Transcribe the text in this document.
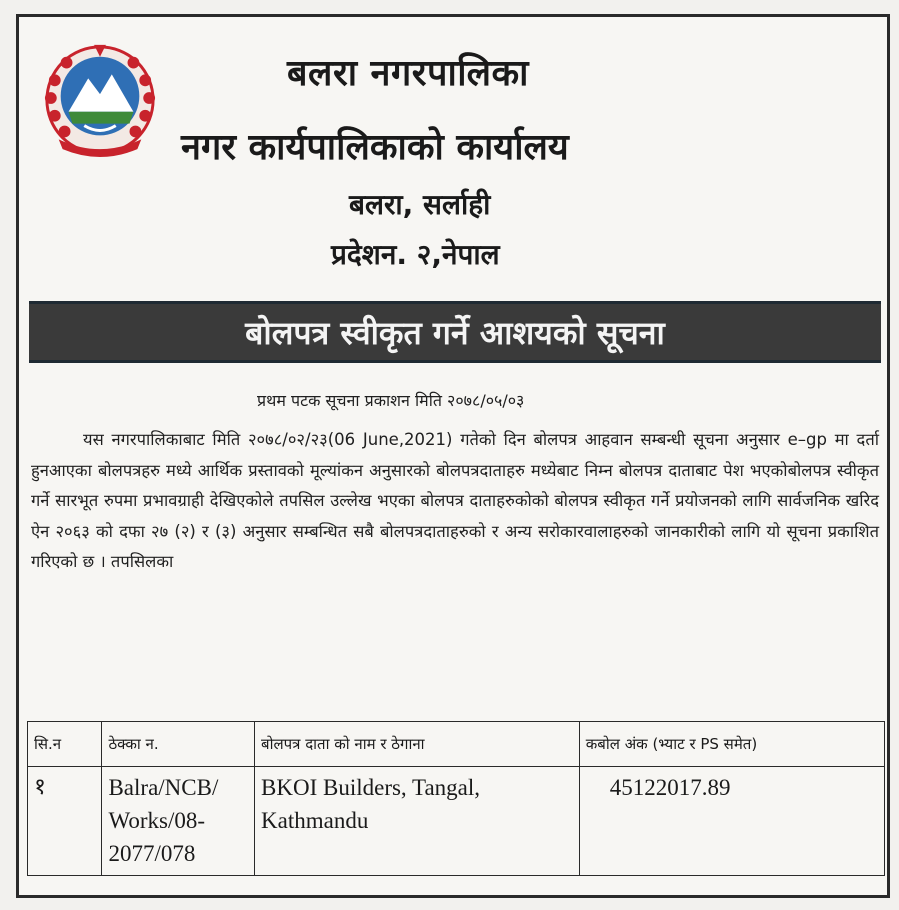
बलरा नगरपालिका
नगर कार्यपालिकाको कार्यालय
बलरा, सर्लाही
प्रदेशन. २,नेपाल
बोलपत्र स्वीकृत गर्ने आशयको सूचना
प्रथम पटक सूचना प्रकाशन मिति २०७८/०५/०३
यस नगरपालिकाबाट मिति २०७८/०२/२३(06 June,2021) गतेको दिन बोलपत्र आहवान सम्बन्धी सूचना अनुसार e–gp मा दर्ता हुनआएका बोलपत्रहरु मध्ये आर्थिक प्रस्तावको मूल्यांकन अनुसारको बोलपत्रदाताहरु मध्येबाट निम्न बोलपत्र दाताबाट पेश भएकोबोलपत्र स्वीकृत गर्ने सारभूत रुपमा प्रभावग्राही देखिएकोले तपसिल उल्लेख भएका बोलपत्र दाताहरुकोको बोलपत्र स्वीकृत गर्ने प्रयोजनको लागि सार्वजनिक खरिद ऐन २०६३ को दफा २७ (२) र (३) अनुसार सम्बन्धित सबै बोलपत्रदाताहरुको र अन्य सरोकारवालाहरुको जानकारीको लागि यो सूचना प्रकाशित गरिएको छ । तपसिलका
सि.न	ठेक्का न.	बोलपत्र दाता को नाम र ठेगाना	कबोल अंक (भ्याट र PS समेत)
१	Balra/NCB/ Works/08- 2077/078	BKOI Builders, Tangal, Kathmandu	45122017.89
